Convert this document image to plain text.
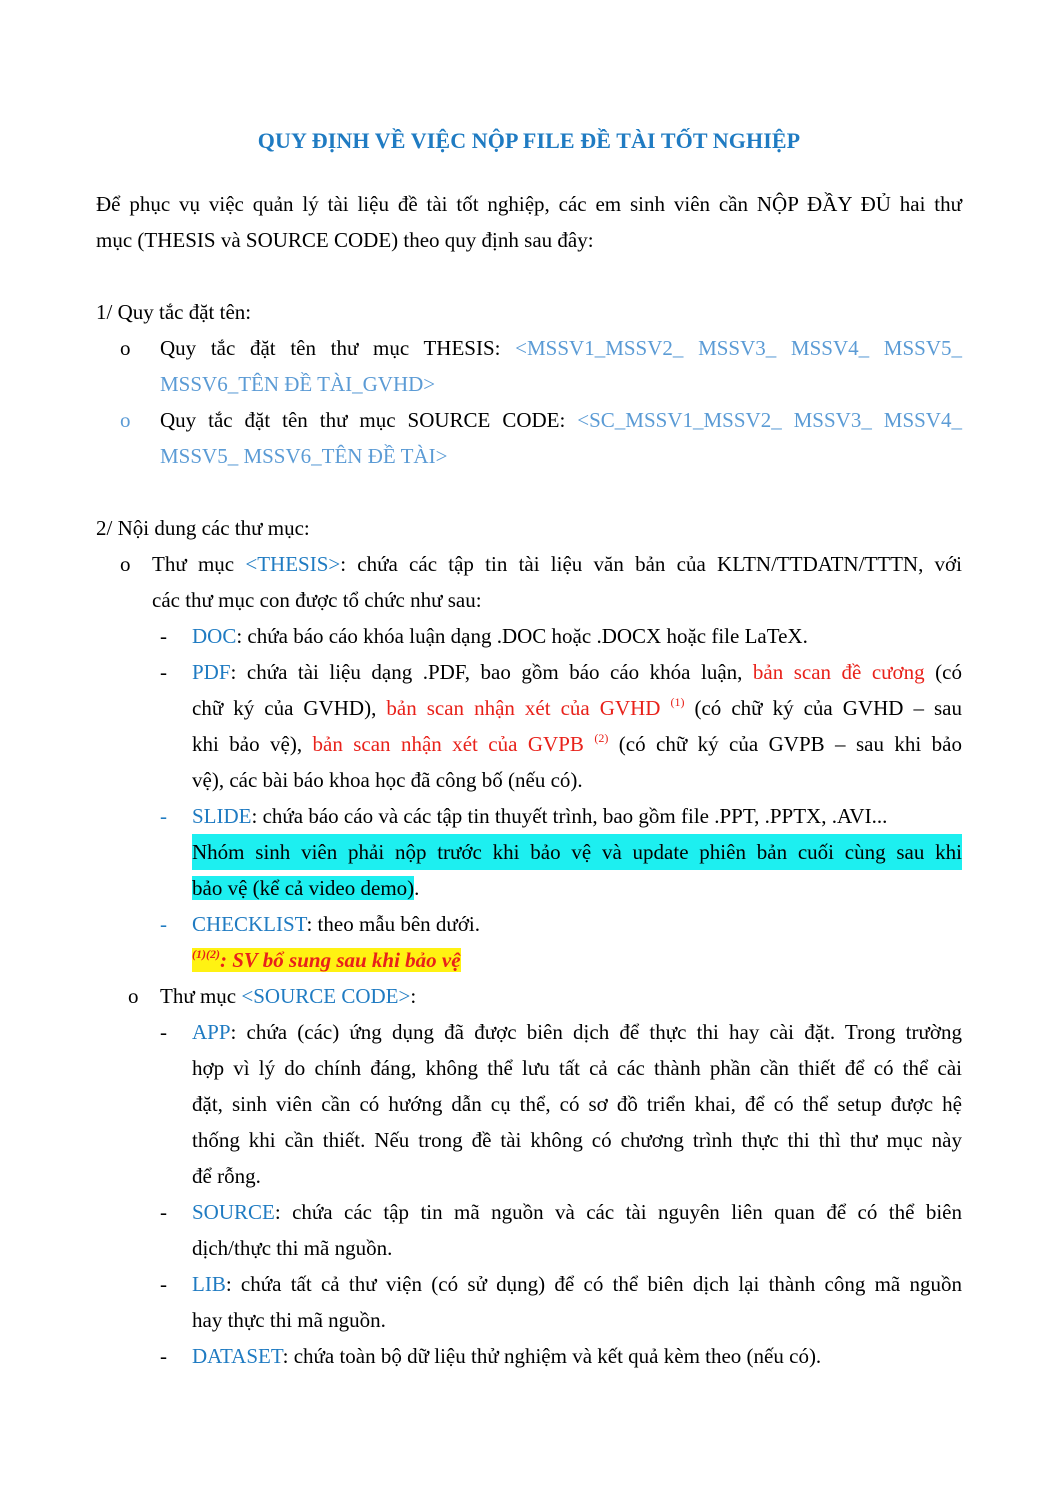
QUY ĐỊNH VỀ VIỆC NỘP FILE ĐỀ TÀI TỐT NGHIỆP
Để phục vụ việc quản lý tài liệu đề tài tốt nghiệp, các em sinh viên cần NỘP ĐẦY ĐỦ hai thư
mục (THESIS và SOURCE CODE) theo quy định sau đây:
1/ Quy tắc đặt tên:
o Quy tắc đặt tên thư mục THESIS: <MSSV1_MSSV2_ MSSV3_ MSSV4_ MSSV5_
MSSV6_TÊN ĐỀ TÀI_GVHD>
o Quy tắc đặt tên thư mục SOURCE CODE: <SC_MSSV1_MSSV2_ MSSV3_ MSSV4_
MSSV5_ MSSV6_TÊN ĐỀ TÀI>
2/ Nội dung các thư mục:
o Thư mục <THESIS>: chứa các tập tin tài liệu văn bản của KLTN/TTDATN/TTTN, với
các thư mục con được tổ chức như sau:
- DOC: chứa báo cáo khóa luận dạng .DOC hoặc .DOCX hoặc file LaTeX.
- PDF: chứa tài liệu dạng .PDF, bao gồm báo cáo khóa luận, bản scan đề cương (có
chữ ký của GVHD), bản scan nhận xét của GVHD $^{(1)}$ (có chữ ký của GVHD – sau
khi bảo vệ), bản scan nhận xét của GVPB $^{(2)}$ (có chữ ký của GVPB – sau khi bảo
vệ), các bài báo khoa học đã công bố (nếu có).
- SLIDE: chứa báo cáo và các tập tin thuyết trình, bao gồm file .PPT, .PPTX, .AVI...
Nhóm sinh viên phải nộp trước khi bảo vệ và update phiên bản cuối cùng sau khi
bảo vệ (kể cả video demo).
- CHECKLIST: theo mẫu bên dưới.
$^{(1)(2)}$: SV bổ sung sau khi bảo vệ
o Thư mục <SOURCE CODE>:
- APP: chứa (các) ứng dụng đã được biên dịch để thực thi hay cài đặt. Trong trường
hợp vì lý do chính đáng, không thể lưu tất cả các thành phần cần thiết để có thể cài
đặt, sinh viên cần có hướng dẫn cụ thể, có sơ đồ triển khai, để có thể setup được hệ
thống khi cần thiết. Nếu trong đề tài không có chương trình thực thi thì thư mục này
để rỗng.
- SOURCE: chứa các tập tin mã nguồn và các tài nguyên liên quan để có thể biên
dịch/thực thi mã nguồn.
- LIB: chứa tất cả thư viện (có sử dụng) để có thể biên dịch lại thành công mã nguồn
hay thực thi mã nguồn.
- DATASET: chứa toàn bộ dữ liệu thử nghiệm và kết quả kèm theo (nếu có).
